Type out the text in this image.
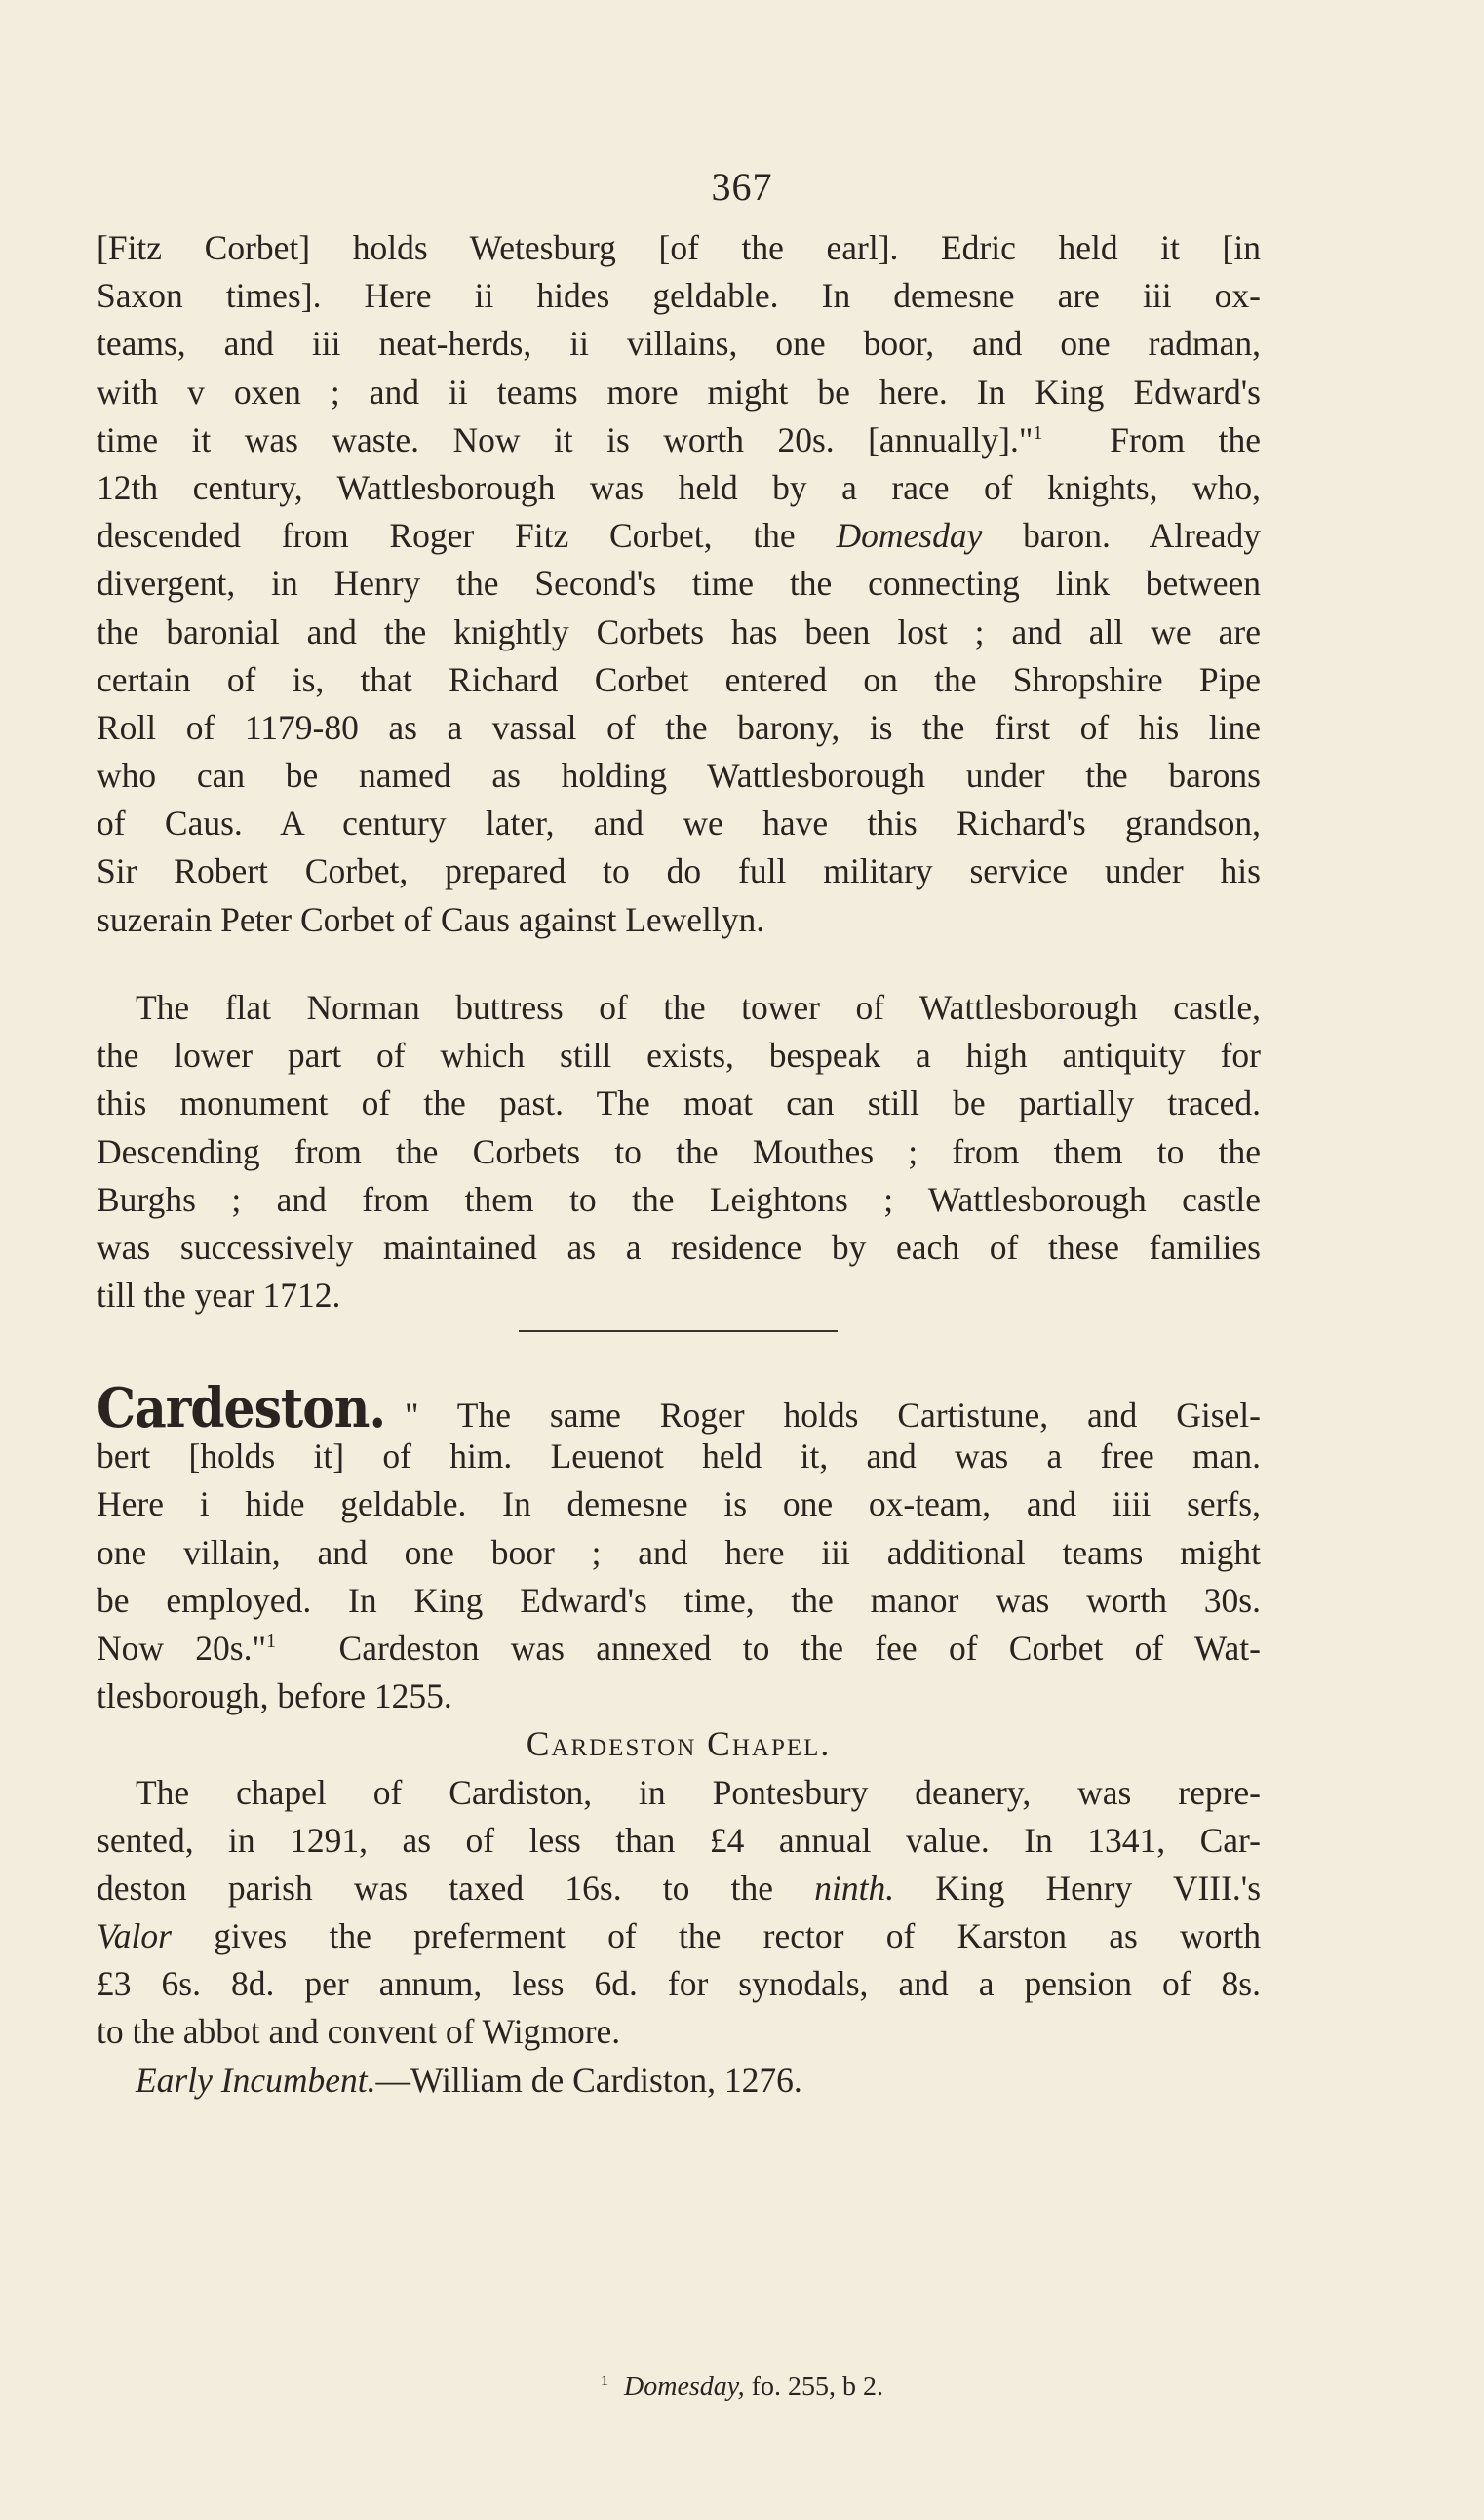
367
[Fitz Corbet] holds Wetesburg [of the earl]. Edric held it [in
Saxon times]. Here ii hides geldable. In demesne are iii ox-
teams, and iii neat-herds, ii villains, one boor, and one radman,
with v oxen ; and ii teams more might be here. In King Edward's
time it was waste. Now it is worth 20s. [annually]."$^1$ From the
12th century, Wattlesborough was held by a race of knights, who,
descended from Roger Fitz Corbet, the Domesday baron. Already
divergent, in Henry the Second's time the connecting link between
the baronial and the knightly Corbets has been lost ; and all we are
certain of is, that Richard Corbet entered on the Shropshire Pipe
Roll of 1179-80 as a vassal of the barony, is the first of his line
who can be named as holding Wattlesborough under the barons
of Caus. A century later, and we have this Richard's grandson,
Sir Robert Corbet, prepared to do full military service under his
suzerain Peter Corbet of Caus against Lewellyn.
The flat Norman buttress of the tower of Wattlesborough castle,
the lower part of which still exists, bespeak a high antiquity for
this monument of the past. The moat can still be partially traced.
Descending from the Corbets to the Mouthes ; from them to the
Burghs ; and from them to the Leightons ; Wattlesborough castle
was successively maintained as a residence by each of these families
till the year 1712.
Cardeston. " The same Roger holds Cartistune, and Gisel-
bert [holds it] of him. Leuenot held it, and was a free man.
Here i hide geldable. In demesne is one ox-team, and iiii serfs,
one villain, and one boor ; and here iii additional teams might
be employed. In King Edward's time, the manor was worth 30s.
Now 20s."$^1$ Cardeston was annexed to the fee of Corbet of Wat-
tlesborough, before 1255.
Cardeston Chapel.
The chapel of Cardiston, in Pontesbury deanery, was repre-
sented, in 1291, as of less than £4 annual value. In 1341, Car-
deston parish was taxed 16s. to the ninth. King Henry VIII.'s
Valor gives the preferment of the rector of Karston as worth
£3 6s. 8d. per annum, less 6d. for synodals, and a pension of 8s.
to the abbot and convent of Wigmore.
Early Incumbent.—William de Cardiston, 1276.
$^1$ Domesday, fo. 255, b 2.
